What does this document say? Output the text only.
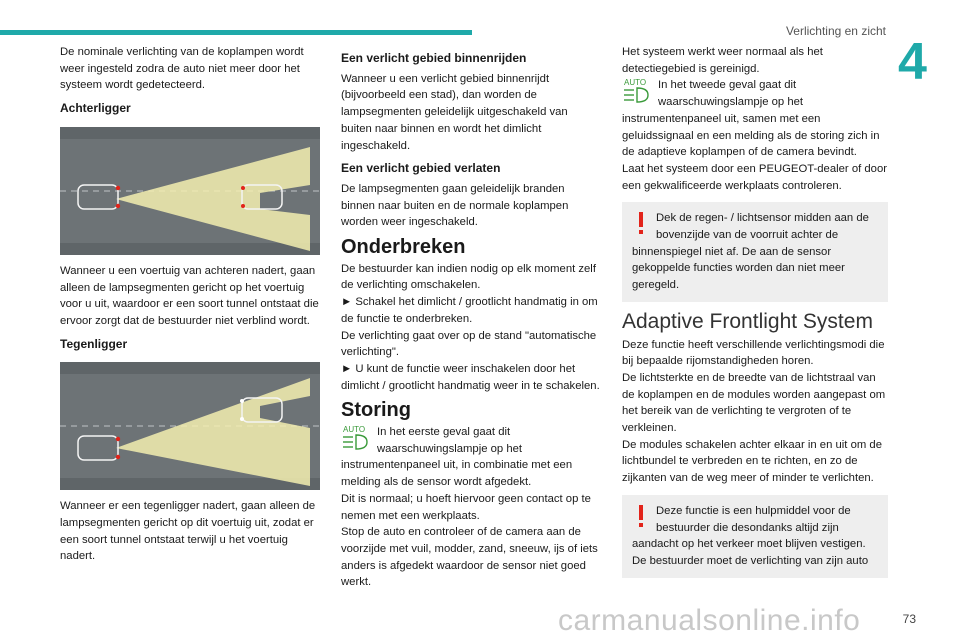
Verlichting en zicht
4

De nominale verlichting van de koplampen wordt weer ingesteld zodra de auto niet meer door het systeem wordt gedetecteerd.

Achterligger

Wanneer u een voertuig van achteren nadert, gaan alleen de lampsegmenten gericht op het voertuig voor u uit, waardoor er een soort tunnel ontstaat die ervoor zorgt dat de bestuurder niet verblind wordt.

Tegenligger

Wanneer er een tegenligger nadert, gaan alleen de lampsegmenten gericht op dit voertuig uit, zodat er een soort tunnel ontstaat terwijl u het voertuig nadert.

Een verlicht gebied binnenrijden

Wanneer u een verlicht gebied binnenrijdt (bijvoorbeeld een stad), dan worden de lampsegmenten geleidelijk uitgeschakeld van buiten naar binnen en wordt het dimlicht ingeschakeld.

Een verlicht gebied verlaten

De lampsegmenten gaan geleidelijk branden binnen naar buiten en de normale koplampen worden weer ingeschakeld.

Onderbreken

De bestuurder kan indien nodig op elk moment zelf de verlichting omschakelen.

► Schakel het dimlicht / grootlicht handmatig in om de functie te onderbreken.

De verlichting gaat over op de stand "automatische verlichting".

► U kunt de functie weer inschakelen door het dimlicht / grootlicht handmatig weer in te schakelen.

Storing
AUTO	In het eerste geval gaat dit waarschuwingslampje op het instrumentenpaneel uit, in combinatie met een melding als de sensor wordt afgedekt.

Dit is normaal; u hoeft hiervoor geen contact op te nemen met een werkplaats.

Stop de auto en controleer of de camera aan de voorzijde met vuil, modder, zand, sneeuw, ijs of iets anders is afgedekt waardoor de sensor niet goed werkt.

Het systeem werkt weer normaal als het detectiegebied is gereinigd.

AUTO	In het tweede geval gaat dit waarschuwingslampje op het instrumentenpaneel uit, samen met een geluidssignaal en een melding als de storing zich in de adaptieve koplampen of de camera bevindt.

Laat het systeem door een PEUGEOT-dealer of door een gekwalificeerde werkplaats controleren.

Dek de regen- / lichtsensor midden aan de bovenzijde van de voorruit achter de binnenspiegel niet af. De aan de sensor gekoppelde functies worden dan niet meer geregeld.
Adaptive Frontlight System

Deze functie heeft verschillende verlichtingsmodi die bij bepaalde rijomstandigheden horen.

De lichtsterkte en de breedte van de lichtstraal van de koplampen en de modules worden aangepast om het bereik van de verlichting te vergroten of te verkleinen.

De modules schakelen achter elkaar in en uit om de lichtbundel te verbreden en te richten, en zo de zijkanten van de weg meer of minder te verlichten.

Deze functie is een hulpmiddel voor de bestuurder die desondanks altijd zijn aandacht op het verkeer moet blijven vestigen.
De bestuurder moet de verlichting van zijn auto
carmanualsonline.info	73
